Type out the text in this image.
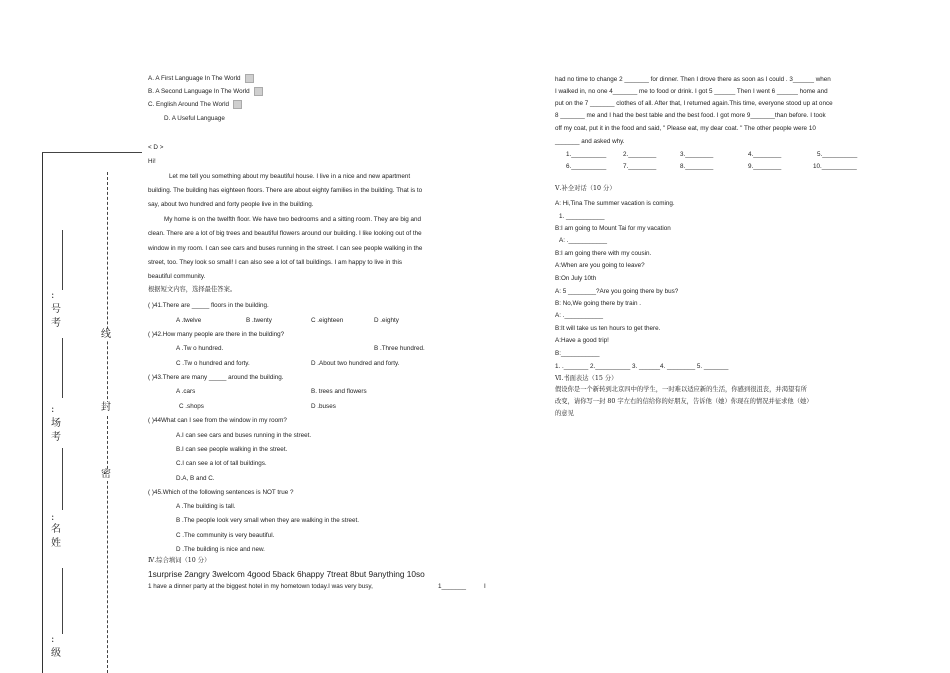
:
号
考
:
场
考
:
名
姓
:
级
线
封
密
A. A First Language In The World
B. A Second Language In The World
C. English Around The World
D. A Useful Language
< D >
Hi!
Let me tell you something about my beautiful house. I live in a nice and new apartment
building. The building has eighteen floors. There are about eighty families in the building. That is to
say, about two hundred and forty people live in the building.
My home is on the twelfth floor. We have two bedrooms and a sitting room. They are big and
clean. There are a lot of big trees and beautiful flowers around our building. I like looking out of the
window in my room. I can see cars and buses running in the street. I can see people walking in the
street, too. They look so small! I can also see a lot of tall buildings. I am happy to live in this
beautiful community.
根据短文内容，选择最佳答案。
( )41.There are _____ floors in the building.
A .twelve	B .twenty	C .eighteen	D .eighty
( )42.How many people are there in the building?
A .Tw o hundred.	B .Three hundred.
C .Tw o hundred and forty.	D .About two hundred and forty.
( )43.There are many _____ around the building.
A .cars	B. trees and flowers
C .shops	D .buses
( )44What can I see from the window in my room?
A.I can see cars and buses running in the street.
B.I can see people walking in the street.
C.I can see a lot of tall buildings.
D.A, B and C.
( )45.Which of the following sentences is NOT true ?
A .The building is tall.
B .The people look very small when they are walking in the street.
C .The community is very beautiful.
D .The building is nice and new.
Ⅳ.综合填词（10 分）
1surprise 2angry 3welcom 4good 5back 6happy 7treat 8but 9anything 10so
1 have a dinner party at the biggest hotel in my hometown today.I was very busy,	1_______	I
had no time to change 2 _______ for dinner. Then I drove there as soon as I could . 3______ when
I walked in, no one 4_______ me to food or drink. I got 5 ______ Then I went 6 ______ home and
put on the 7 _______ clothes of all. After that, I returned again.This time, everyone stood up at once
8 _______ me and I had the best table and the best food. I got more 9_______than before. I took
off my coat, put it in the food and said, " Please eat, my dear coat. " The other people were 10
_______ and asked why.
1.__________	2.________	3.________	4.________	5.__________
6.__________	7.________	8.________	9.________	10.__________
Ⅴ.补全对话（10 分）
A: Hi,Tina The summer vacation is coming.
1. ___________
B:I am going to Mount Tai for my vacation
A: .___________
B:I am going there with my cousin.
A:When are you going to leave?
B:On July 10th
A: 5 ________?Are you going there by bus?
B: No,We going there by train .
A: .___________
B:It will take us ten hours to get there.
A:Have a good trip!
B:___________
1. ._______ 2.__________ 3. ______4. ________ 5. _______
Ⅵ.书面表达（15 分）
假设你是一个新转到北京四中的学生，一时难以适应新的生活，你感到很沮丧，并渴望有所
改变，请你写一封 80 字左右的信给你的好朋友，告诉他（她）你现在的情况并征求他（她）
的意见
